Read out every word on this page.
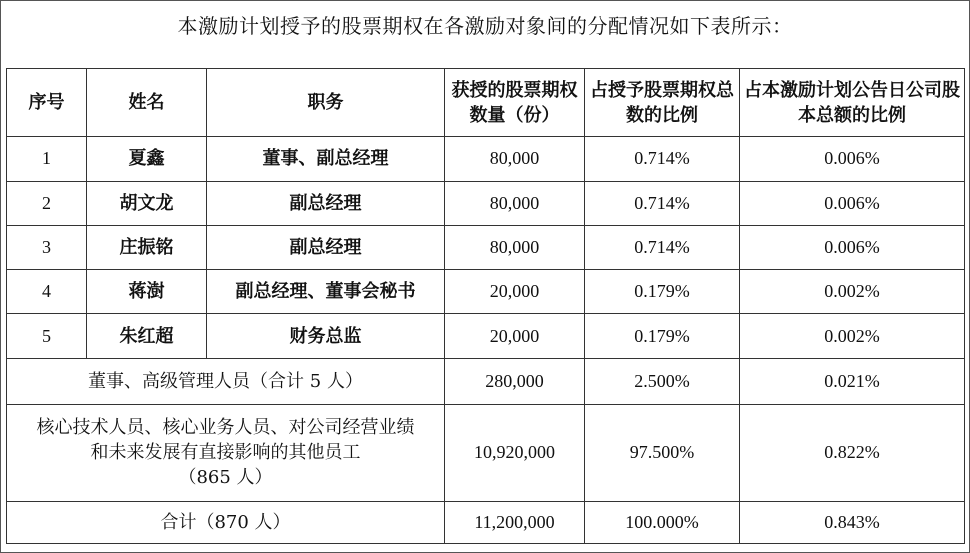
本激励计划授予的股票期权在各激励对象间的分配情况如下表所示：
序号	姓名	职务	获授的股票期权数量（份）	占授予股票期权总数的比例	占本激励计划公告日公司股本总额的比例
1	夏鑫	董事、副总经理	80,000	0.714%	0.006%
2	胡文龙	副总经理	80,000	0.714%	0.006%
3	庄振铭	副总经理	80,000	0.714%	0.006%
4	蒋澍	副总经理、董事会秘书	20,000	0.179%	0.002%
5	朱红超	财务总监	20,000	0.179%	0.002%
董事、高级管理人员（合计 5 人）			280,000	2.500%	0.021%

核心技术人员、核心业务人员、对公司经营业绩
和未来发展有直接影响的其他员工
（865 人）			10,920,000	97.500%	0.822%
合计（870 人）			11,200,000	100.000%	0.843%
